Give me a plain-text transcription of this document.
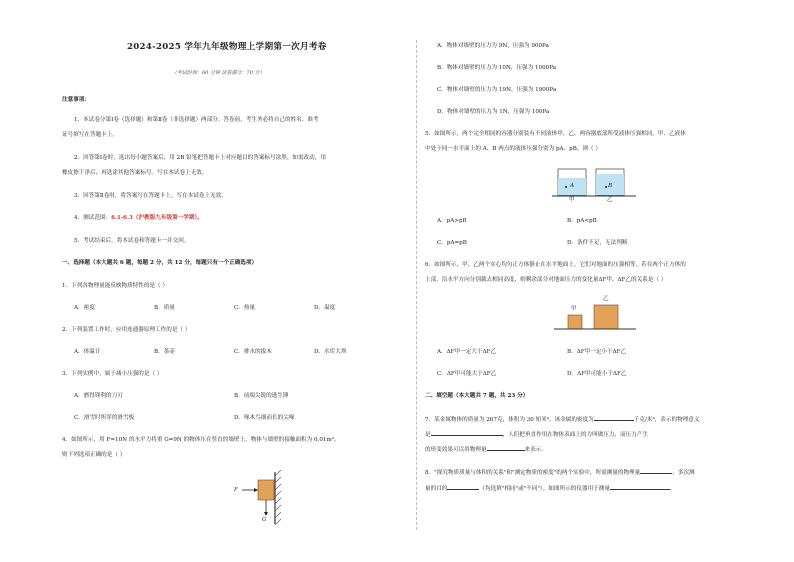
2024-2025 学年九年级物理上学期第一次月考卷
（考试时间：60 分钟 试卷满分：70 分）
注意事项：
1．本试卷分第Ⅰ卷（选择题）和第Ⅱ卷（非选择题）两部分。答卷前，考生务必将自己的姓名、准考
证号填写在答题卡上。
2．回答第Ⅰ卷时，选出每小题答案后，用 2B 铅笔把答题卡上对应题目的答案标号涂黑。如需改动，用
橡皮擦干净后，再选涂其他答案标号。写在本试卷上无效。
3．回答第Ⅱ卷时，将答案写在答题卡上。写在本试卷上无效。
4．测试范围：6.1-6.3（沪教版九年级第一学期）。
5．考试结束后，将本试卷和答题卡一并交回。
一、选择题（本大题共 6 题，每题 2 分，共 12 分，每题只有一个正确选项）
1．下列各物理量能反映物质特性的是（ ）
A．密度	B．质量	C．热量	D．温度
2．下列装置工作时，应用连通器原理工作的是（ ）
A．体温计	B．茶壶	C．排水的拔木	D．水库大坝
3．下列实例中，属于减小压强的是（ ）
A．磨得锋利的刀刃	B．前端尖锐的逃生锤
C．滑雪时所穿的滑雪板	D．啄木鸟细而长的尖喙
4．如图所示，用 F=10N 的水平力将重 G=9N 的物体压在竖直的墙壁上，物体与墙壁的接触面积为 0.01m²，
则下列选项正确的是（ ）
F
G
A．物体对墙壁的压力为 9N，压强为 900Pa
B．物体对墙壁的压力为 10N，压强为 1000Pa
C．物体对墙壁的压力为 19N，压强为 1900Pa
D．物体对墙壁的压力为 1N，压强为 100Pa
5．如图所示，两个完全相同的容器分别装有不同液体甲、乙，两容器底部所受液体压强相同，甲、乙液体
中处于同一水平面上的 A、B 两点的液体压强分别为 pA、pB，则（ ）
A	B
甲	乙
A．pA>pB	B．pA<pB
C．pA=pB	D．条件不足，无法判断
6．如图所示，甲、乙两个实心均匀正方体静止在水平地面上，它们对地面的压强相等，若在两个正方体的
上部，沿水平方向分别截去相同高度，则剩余部分对地面压力的变化量ΔF甲、ΔF乙的关系是（ ）
甲
乙
A．ΔF甲一定大于ΔF乙	B．ΔF甲一定小于ΔF乙
C．ΔF甲可能大于ΔF乙	D．ΔF甲可能小于ΔF乙
二、填空题（本大题共 7 题，共 23 分）
7．某金属物体的质量为 267克，体积为 30 厘米³，该金属的密度为	千克/米³，表示的物理意义
是	，人们把垂直作用在物体表面上的力叫做压力，而压力产生
的形变效果可以用物理量	来表示。
8．"探究物质质量与体积的关系"和"测定物质的密度"的两个实验中，所需测量的物理量	，多次测
量的目的	（均选填"相同"或"不同"）。如图所示的仪器用于测量	。
